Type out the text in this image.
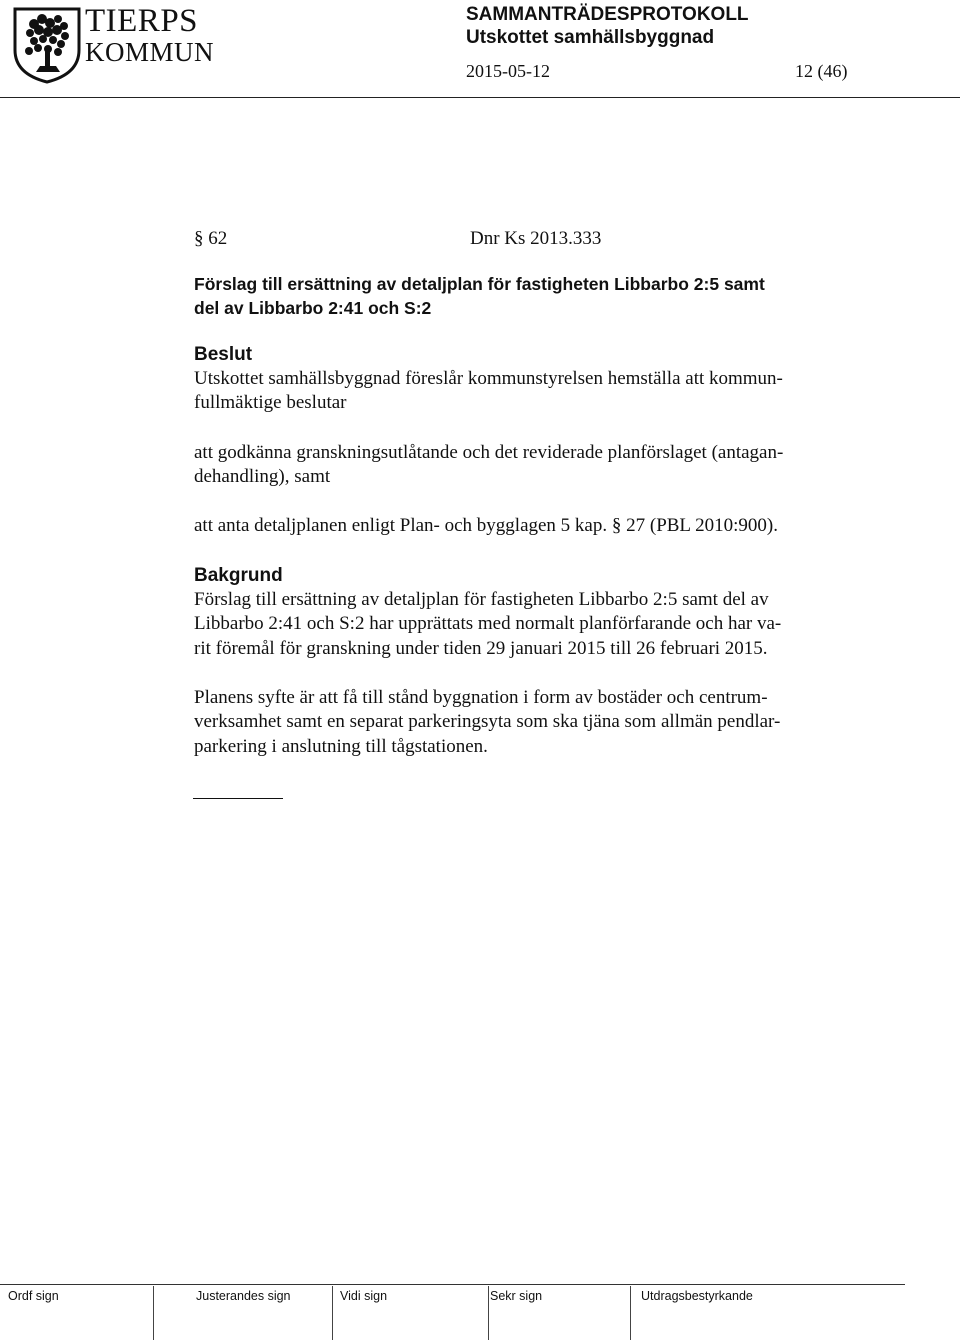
TIERPS
KOMMUN
SAMMANTRÄDESPROTOKOLL
Utskottet samhällsbyggnad
2015-05-12	12 (46)
§ 62	Dnr Ks 2013.333
Förslag till ersättning av detaljplan för fastigheten Libbarbo 2:5 samt
del av Libbarbo 2:41 och S:2
Beslut

Utskottet samhällsbyggnad föreslår kommunstyrelsen hemställa att kommun-

fullmäktige beslutar

att godkänna granskningsutlåtande och det reviderade planförslaget (antagan-

dehandling), samt

att anta detaljplanen enligt Plan- och bygglagen 5 kap. § 27 (PBL 2010:900).

Bakgrund

Förslag till ersättning av detaljplan för fastigheten Libbarbo 2:5 samt del av

Libbarbo 2:41 och S:2 har upprättats med normalt planförfarande och har va-

rit föremål för granskning under tiden 29 januari 2015 till 26 februari 2015.

Planens syfte är att få till stånd byggnation i form av bostäder och centrum-

verksamhet samt en separat parkeringsyta som ska tjäna som allmän pendlar-

parkering i anslutning till tågstationen.

Ordf sign	Justerandes sign	Vidi sign	Sekr sign	Utdragsbestyrkande
